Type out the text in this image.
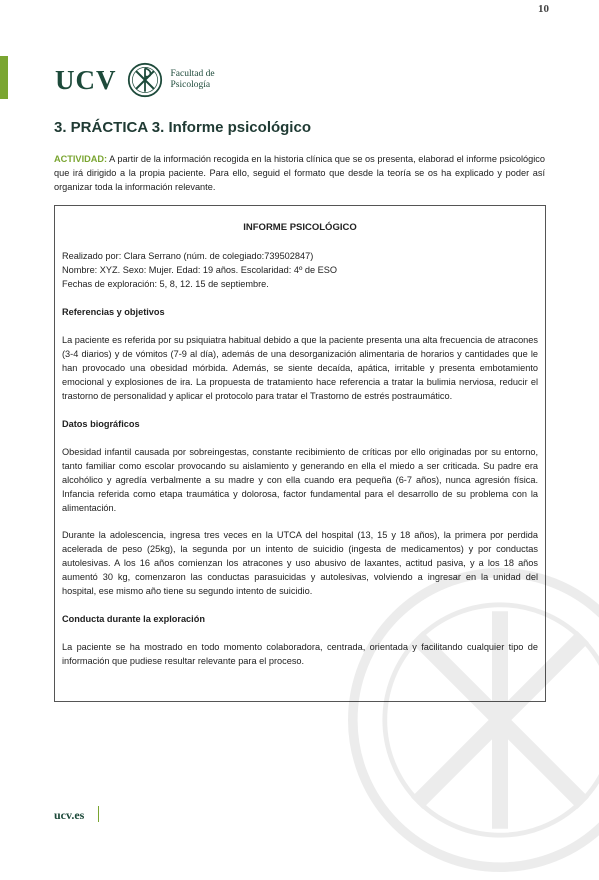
10
UCV	Facultad de
Psicología
3. PRÁCTICA 3. Informe psicológico
ACTIVIDAD: A partir de la información recogida en la historia clínica que se os presenta, elaborad el informe psicológico que irá dirigido a la propia paciente. Para ello, seguid el formato que desde la teoría se os ha explicado y poder así organizar toda la información relevante.
INFORME PSICOLÓGICO
Realizado por: Clara Serrano (núm. de colegiado:739502847)
Nombre: XYZ. Sexo: Mujer. Edad: 19 años. Escolaridad: 4º de ESO
Fechas de exploración: 5, 8, 12. 15 de septiembre.
Referencias y objetivos

La paciente es referida por su psiquiatra habitual debido a que la paciente presenta una alta frecuencia de atracones (3-4 diarios) y de vómitos (7-9 al día), además de una desorganización alimentaria de horarios y cantidades que le han provocado una obesidad mórbida. Además, se siente decaída, apática, irritable y presenta embotamiento emocional y explosiones de ira. La propuesta de tratamiento hace referencia a tratar la bulimia nerviosa, reducir el trastorno de personalidad y aplicar el protocolo para tratar el Trastorno de estrés postraumático.

Datos biográficos

Obesidad infantil causada por sobreingestas, constante recibimiento de críticas por ello originadas por su entorno, tanto familiar como escolar provocando su aislamiento y generando en ella el miedo a ser criticada. Su padre era alcohólico y agredía verbalmente a su madre y con ella cuando era pequeña (6-7 años), nunca agresión física. Infancia referida como etapa traumática y dolorosa, factor fundamental para el desarrollo de su problema con la alimentación.

Durante la adolescencia, ingresa tres veces en la UTCA del hospital (13, 15 y 18 años), la primera por perdida acelerada de peso (25kg), la segunda por un intento de suicidio (ingesta de medicamentos) y por conductas autolesivas. A los 16 años comienzan los atracones y uso abusivo de laxantes, actitud pasiva, y a los 18 años aumentó 30 kg, comenzaron las conductas parasuicidas y autolesivas, volviendo a ingresar en la unidad del hospital, ese mismo año tiene su segundo intento de suicidio.

Conducta durante la exploración

La paciente se ha mostrado en todo momento colaboradora, centrada, orientada y facilitando cualquier tipo de información que pudiese resultar relevante para el proceso.

ucv.es
